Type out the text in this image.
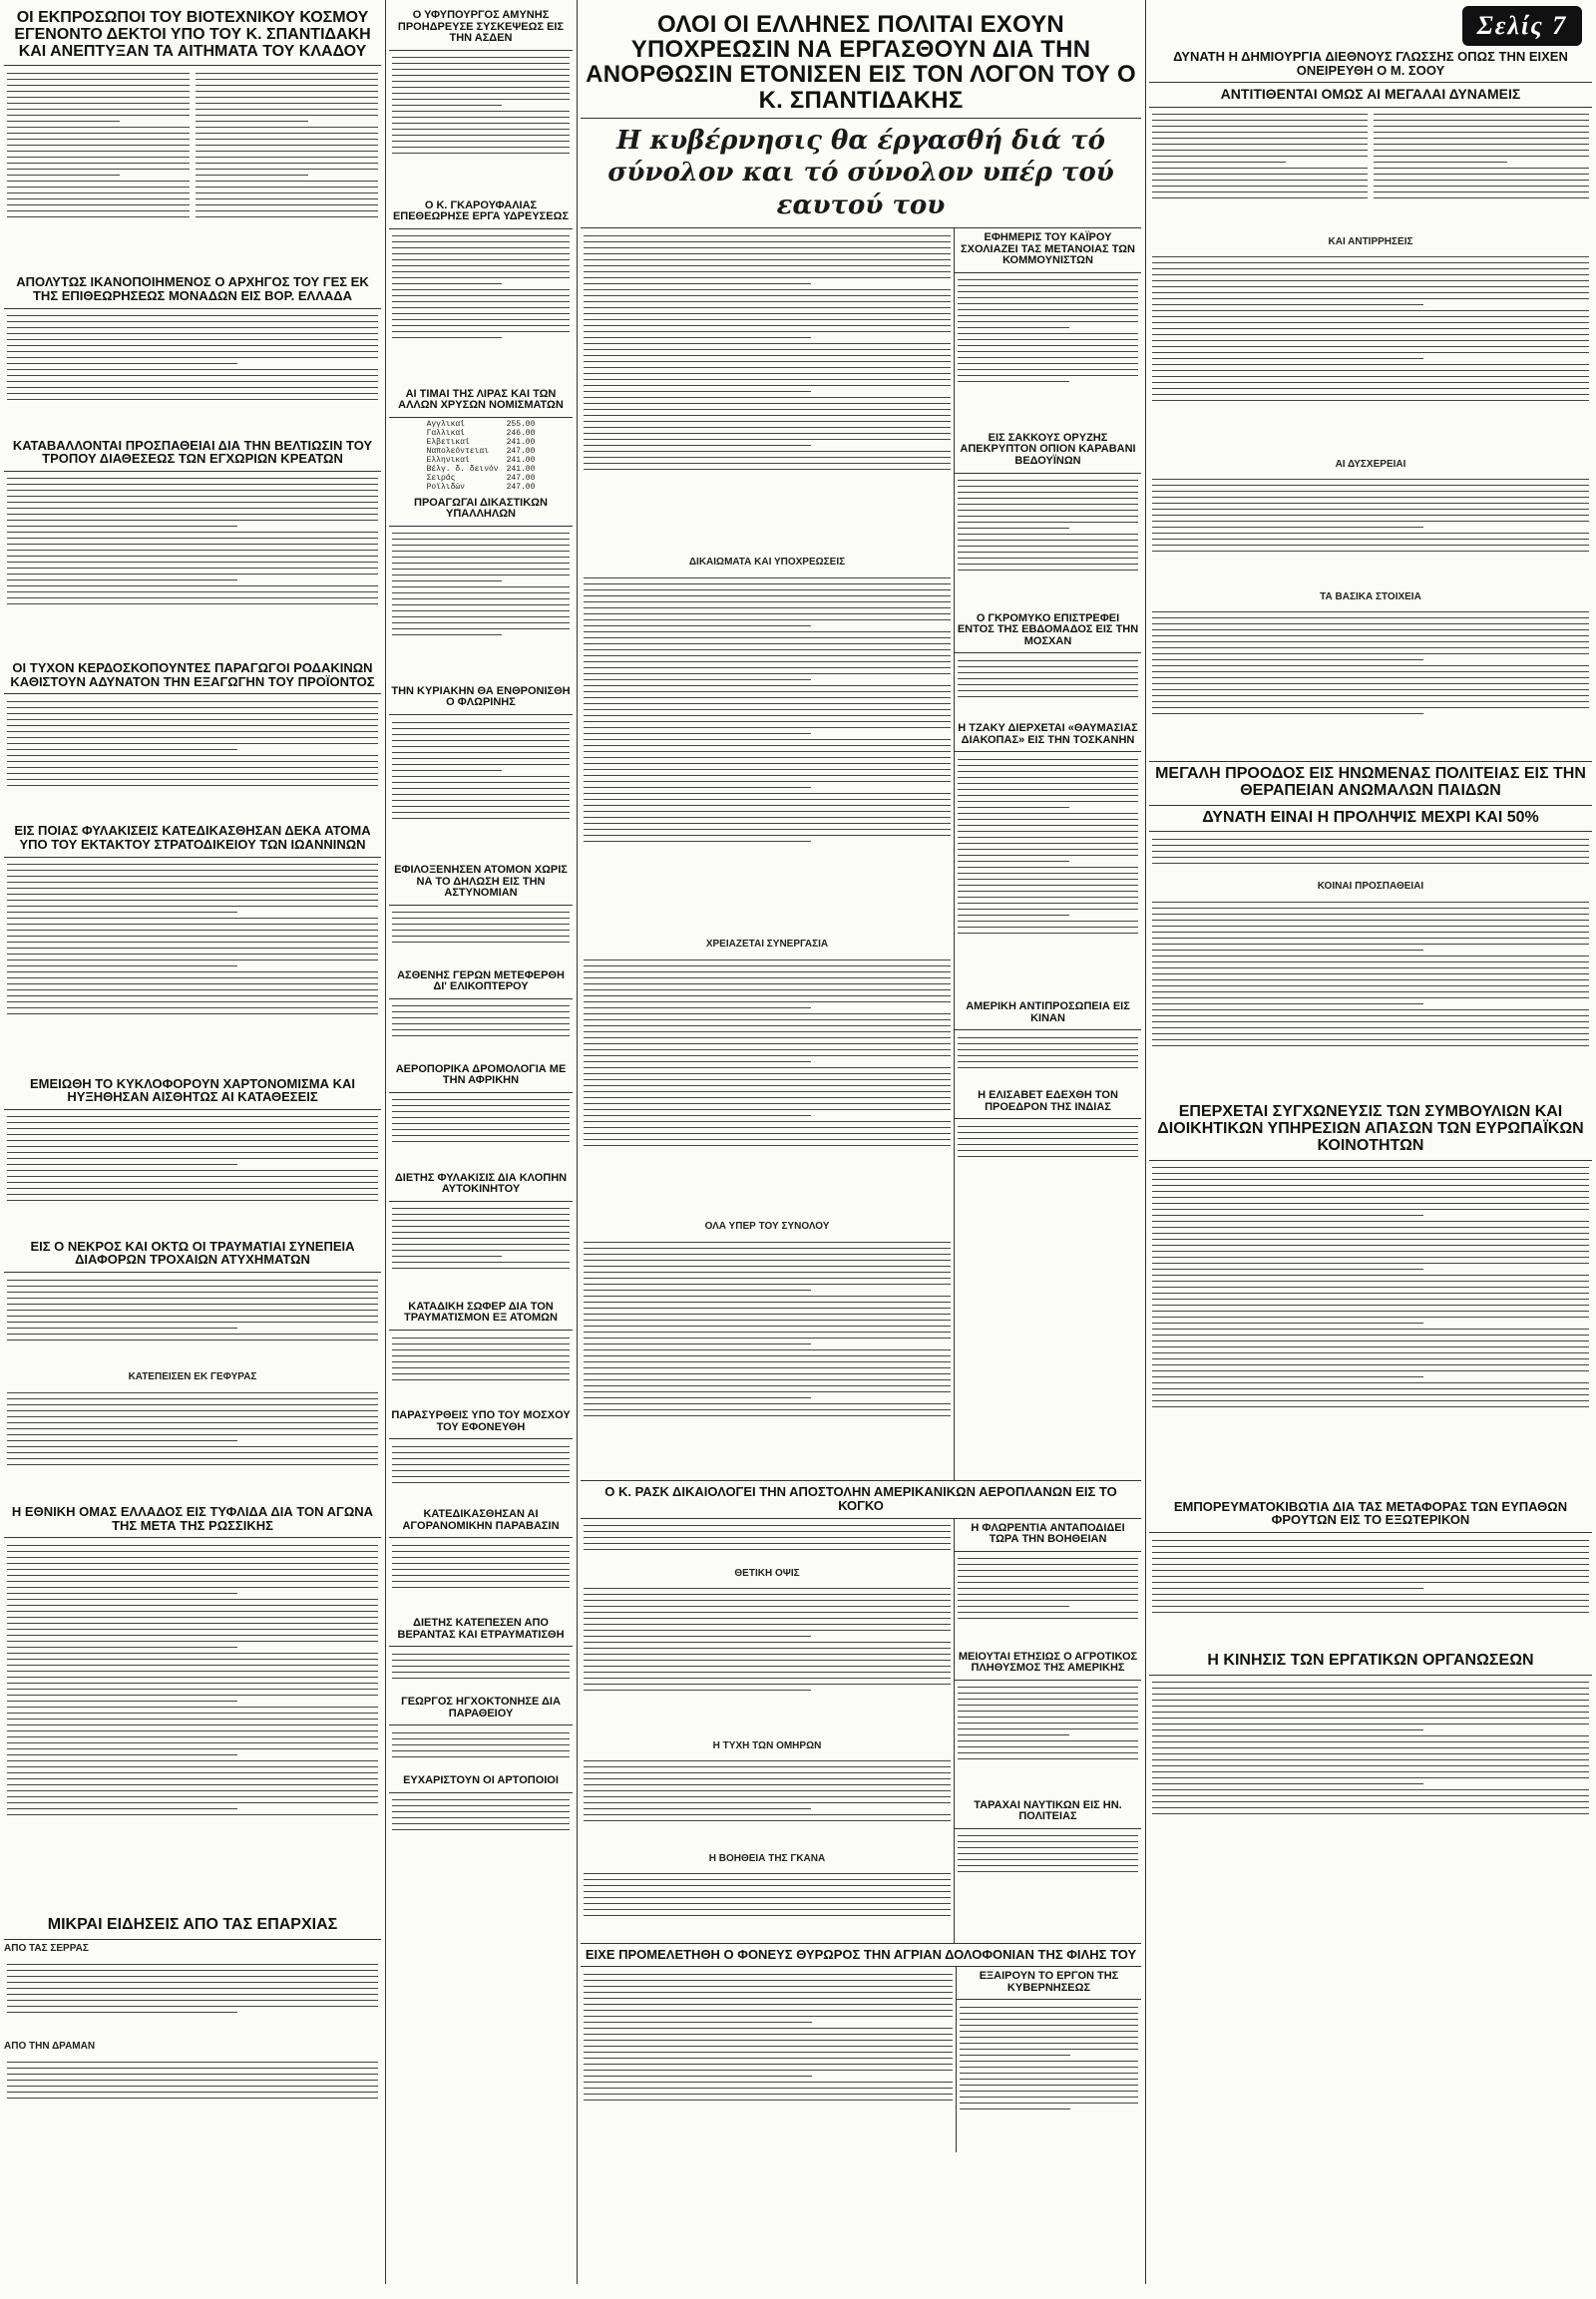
ΟΙ ΕΚΠΡΟΣΩΠΟΙ ΤΟΥ ΒΙΟΤΕΧΝΙΚΟΥ ΚΟΣΜΟΥ ΕΓΕΝΟΝΤΟ ΔΕΚΤΟΙ ΥΠΟ ΤΟΥ Κ. ΣΠΑΝΤΙΔΑΚΗ ΚΑΙ ΑΝΕΠΤΥΞΑΝ ΤΑ ΑΙΤΗΜΑΤΑ ΤΟΥ ΚΛΑΔΟΥ
ΑΠΟΛΥΤΩΣ ΙΚΑΝΟΠΟΙΗΜΕΝΟΣ Ο ΑΡΧΗΓΟΣ ΤΟΥ ΓΕΣ ΕΚ ΤΗΣ ΕΠΙΘΕΩΡΗΣΕΩΣ ΜΟΝΑΔΩΝ ΕΙΣ ΒΟΡ. ΕΛΛΑΔΑ
ΚΑΤΑΒΑΛΛΟΝΤΑΙ ΠΡΟΣΠΑΘΕΙΑΙ ΔΙΑ ΤΗΝ ΒΕΛΤΙΩΣΙΝ ΤΟΥ ΤΡΟΠΟΥ ΔΙΑΘΕΣΕΩΣ ΤΩΝ ΕΓΧΩΡΙΩΝ ΚΡΕΑΤΩΝ
ΟΙ ΤΥΧΟΝ ΚΕΡΔΟΣΚΟΠΟΥΝΤΕΣ ΠΑΡΑΓΩΓΟΙ ΡΟΔΑΚΙΝΩΝ ΚΑΘΙΣΤΟΥΝ ΑΔΥΝΑΤΟΝ ΤΗΝ ΕΞΑΓΩΓΗΝ ΤΟΥ ΠΡΟΪΟΝΤΟΣ
ΕΙΣ ΠΟΙΑΣ ΦΥΛΑΚΙΣΕΙΣ ΚΑΤΕΔΙΚΑΣΘΗΣΑΝ ΔΕΚΑ ΑΤΟΜΑ ΥΠΟ ΤΟΥ ΕΚΤΑΚΤΟΥ ΣΤΡΑΤΟΔΙΚΕΙΟΥ ΤΩΝ ΙΩΑΝΝΙΝΩΝ
ΕΜΕΙΩΘΗ ΤΟ ΚΥΚΛΟΦΟΡΟΥΝ ΧΑΡΤΟΝΟΜΙΣΜΑ ΚΑΙ ΗΥΞΗΘΗΣΑΝ ΑΙΣΘΗΤΩΣ ΑΙ ΚΑΤΑΘΕΣΕΙΣ
ΕΙΣ Ο ΝΕΚΡΟΣ ΚΑΙ ΟΚΤΩ ΟΙ ΤΡΑΥΜΑΤΙΑΙ ΣΥΝΕΠΕΙΑ ΔΙΑΦΟΡΩΝ ΤΡΟΧΑΙΩΝ ΑΤΥΧΗΜΑΤΩΝ
ΚΑΤΕΠΕΙΣΕΝ ΕΚ ΓΕΦΥΡΑΣ
Η ΕΘΝΙΚΗ ΟΜΑΣ ΕΛΛΑΔΟΣ ΕΙΣ ΤΥΦΛΙΔΑ ΔΙΑ ΤΟΝ ΑΓΩΝΑ ΤΗΣ ΜΕΤΑ ΤΗΣ ΡΩΣΣΙΚΗΣ
ΜΙΚΡΑΙ ΕΙΔΗΣΕΙΣ ΑΠΟ ΤΑΣ ΕΠΑΡΧΙΑΣ
ΑΠΟ ΤΑΣ ΣΕΡΡΑΣ
ΑΠΟ ΤΗΝ ΔΡΑΜΑΝ
Ο ΥΦΥΠΟΥΡΓΟΣ ΑΜΥΝΗΣ ΠΡΟΗΔΡΕΥΣΕ ΣΥΣΚΕΨΕΩΣ ΕΙΣ ΤΗΝ ΑΣΔΕΝ
Ο Κ. ΓΚΑΡΟΥΦΑΛΙΑΣ ΕΠΕΘΕΩΡΗΣΕ ΕΡΓΑ ΥΔΡΕΥΣΕΩΣ
ΑΙ ΤΙΜΑΙ ΤΗΣ ΛΙΡΑΣ ΚΑΙ ΤΩΝ ΑΛΛΩΝ ΧΡΥΣΩΝ ΝΟΜΙΣΜΑΤΩΝ
Αγγλικαί	255.00
Γαλλικαί	246.00
Ελβετικαί	241.00
Ναπολεόντειαι	247.00
Ελληνικαί	241.00
Βέλγ. δ. δεινόν	241.00
Σειράς	247.00
Ροϊλιδών	247.00
ΠΡΟΑΓΩΓΑΙ ΔΙΚΑΣΤΙΚΩΝ ΥΠΑΛΛΗΛΩΝ
ΤΗΝ ΚΥΡΙΑΚΗΝ ΘΑ ΕΝΘΡΟΝΙΣΘΗ Ο ΦΛΩΡΙΝΗΣ
ΕΦΙΛΟΞΕΝΗΣΕΝ ΑΤΟΜΟΝ ΧΩΡΙΣ ΝΑ ΤΟ ΔΗΛΩΣΗ ΕΙΣ ΤΗΝ ΑΣΤΥΝΟΜΙΑΝ
ΑΣΘΕΝΗΣ ΓΕΡΩΝ ΜΕΤΕΦΕΡΘΗ ΔΙ' ΕΛΙΚΟΠΤΕΡΟΥ
ΑΕΡΟΠΟΡΙΚΑ ΔΡΟΜΟΛΟΓΙΑ ΜΕ ΤΗΝ ΑΦΡΙΚΗΝ
ΔΙΕΤΗΣ ΦΥΛΑΚΙΣΙΣ ΔΙΑ ΚΛΟΠΗΝ ΑΥΤΟΚΙΝΗΤΟΥ
ΚΑΤΑΔΙΚΗ ΣΩΦΕΡ ΔΙΑ ΤΟΝ ΤΡΑΥΜΑΤΙΣΜΟΝ ΕΞ ΑΤΟΜΩΝ
ΠΑΡΑΣΥΡΘΕΙΣ ΥΠΟ ΤΟΥ ΜΟΣΧΟΥ ΤΟΥ ΕΦΟΝΕΥΘΗ
ΚΑΤΕΔΙΚΑΣΘΗΣΑΝ ΑΙ ΑΓΟΡΑΝΟΜΙΚΗΝ ΠΑΡΑΒΑΣΙΝ
ΔΙΕΤΗΣ ΚΑΤΕΠΕΣΕΝ ΑΠΟ ΒΕΡΑΝΤΑΣ ΚΑΙ ΕΤΡΑΥΜΑΤΙΣΘΗ
ΓΕΩΡΓΟΣ ΗΓΧΟΚΤΟΝΗΣΕ ΔΙΑ ΠΑΡΑΘΕΙΟΥ
ΕΥΧΑΡΙΣΤΟΥΝ ΟΙ ΑΡΤΟΠΟΙΟΙ
ΟΛΟΙ ΟΙ ΕΛΛΗΝΕΣ ΠΟΛΙΤΑΙ ΕΧΟΥΝ ΥΠΟΧΡΕΩΣΙΝ ΝΑ ΕΡΓΑΣΘΟΥΝ ΔΙΑ ΤΗΝ ΑΝΟΡΘΩΣΙΝ ΕΤΟΝΙΣΕΝ ΕΙΣ ΤΟΝ ΛΟΓΟΝ ΤΟΥ Ο Κ. ΣΠΑΝΤΙΔΑΚΗΣ
Η κυβέρνησις θα έργασθή διά τό σύνολον και τό σύνολον υπέρ τού εαυτού του
ΔΙΚΑΙΩΜΑΤΑ ΚΑΙ ΥΠΟΧΡΕΩΣΕΙΣ
ΧΡΕΙΑΖΕΤΑΙ ΣΥΝΕΡΓΑΣΙΑ
ΟΛΑ ΥΠΕΡ ΤΟΥ ΣΥΝΟΛΟΥ
ΕΦΗΜΕΡΙΣ ΤΟΥ ΚΑΪΡΟΥ ΣΧΟΛΙΑΖΕΙ ΤΑΣ ΜΕΤΑΝΟΙΑΣ ΤΩΝ ΚΟΜΜΟΥΝΙΣΤΩΝ
ΕΙΣ ΣΑΚΚΟΥΣ ΟΡΥΖΗΣ ΑΠΕΚΡΥΠΤΟΝ ΟΠΙΟΝ ΚΑΡΑΒΑΝΙ ΒΕΔΟΥΪΝΩΝ
Ο ΓΚΡΟΜΥΚΟ ΕΠΙΣΤΡΕΦΕΙ ΕΝΤΟΣ ΤΗΣ ΕΒΔΟΜΑΔΟΣ ΕΙΣ ΤΗΝ ΜΟΣΧΑΝ
Η ΤΖΑΚΥ ΔΙΕΡΧΕΤΑΙ «ΘΑΥΜΑΣΙΑΣ ΔΙΑΚΟΠΑΣ» ΕΙΣ ΤΗΝ ΤΟΣΚΑΝΗΝ
ΑΜΕΡΙΚΗ ΑΝΤΙΠΡΟΣΩΠΕΙΑ ΕΙΣ ΚΙΝΑΝ
Η ΕΛΙΣΑΒΕΤ ΕΔΕΧΘΗ ΤΟΝ ΠΡΟΕΔΡΟΝ ΤΗΣ ΙΝΔΙΑΣ
Ο Κ. ΡΑΣΚ ΔΙΚΑΙΟΛΟΓΕΙ ΤΗΝ ΑΠΟΣΤΟΛΗΝ ΑΜΕΡΙΚΑΝΙΚΩΝ ΑΕΡΟΠΛΑΝΩΝ ΕΙΣ ΤΟ ΚΟΓΚΟ
ΘΕΤΙΚΗ ΟΨΙΣ
Η ΤΥΧΗ ΤΩΝ ΟΜΗΡΩΝ
Η ΒΟΗΘΕΙΑ ΤΗΣ ΓΚΑΝΑ
Η ΦΛΩΡΕΝΤΙΑ ΑΝΤΑΠΟΔΙΔΕΙ ΤΩΡΑ ΤΗΝ ΒΟΗΘΕΙΑΝ
ΜΕΙΟΥΤΑΙ ΕΤΗΣΙΩΣ Ο ΑΓΡΟΤΙΚΟΣ ΠΛΗΘΥΣΜΟΣ ΤΗΣ ΑΜΕΡΙΚΗΣ
ΤΑΡΑΧΑΙ ΝΑΥΤΙΚΩΝ ΕΙΣ ΗΝ. ΠΟΛΙΤΕΙΑΣ
ΕΙΧΕ ΠΡΟΜΕΛΕΤΗΘΗ Ο ΦΟΝΕΥΣ ΘΥΡΩΡΟΣ ΤΗΝ ΑΓΡΙΑΝ ΔΟΛΟΦΟΝΙΑΝ ΤΗΣ ΦΙΛΗΣ ΤΟΥ
ΕΞΑΙΡΟΥΝ ΤΟ ΕΡΓΟΝ ΤΗΣ ΚΥΒΕΡΝΗΣΕΩΣ
Σελίς 7
ΔΥΝΑΤΗ Η ΔΗΜΙΟΥΡΓΙΑ ΔΙΕΘΝΟΥΣ ΓΛΩΣΣΗΣ ΟΠΩΣ ΤΗΝ ΕΙΧΕΝ ΟΝΕΙΡΕΥΘΗ Ο Μ. ΣΟΟΥ
ΑΝΤΙΤΙΘΕΝΤΑΙ ΟΜΩΣ ΑΙ ΜΕΓΑΛΑΙ ΔΥΝΑΜΕΙΣ
ΚΑΙ ΑΝΤΙΡΡΗΣΕΙΣ
ΑΙ ΔΥΣΧΕΡΕΙΑΙ
ΤΑ ΒΑΣΙΚΑ ΣΤΟΙΧΕΙΑ
ΜΕΓΑΛΗ ΠΡΟΟΔΟΣ ΕΙΣ ΗΝΩΜΕΝΑΣ ΠΟΛΙΤΕΙΑΣ ΕΙΣ ΤΗΝ ΘΕΡΑΠΕΙΑΝ ΑΝΩΜΑΛΩΝ ΠΑΙΔΩΝ
ΔΥΝΑΤΗ ΕΙΝΑΙ Η ΠΡΟΛΗΨΙΣ ΜΕΧΡΙ ΚΑΙ 50%
ΚΟΙΝΑΙ ΠΡΟΣΠΑΘΕΙΑΙ
ΕΠΕΡΧΕΤΑΙ ΣΥΓΧΩΝΕΥΣΙΣ ΤΩΝ ΣΥΜΒΟΥΛΙΩΝ ΚΑΙ ΔΙΟΙΚΗΤΙΚΩΝ ΥΠΗΡΕΣΙΩΝ ΑΠΑΣΩΝ ΤΩΝ ΕΥΡΩΠΑΪΚΩΝ ΚΟΙΝΟΤΗΤΩΝ
ΕΜΠΟΡΕΥΜΑΤΟΚΙΒΩΤΙΑ ΔΙΑ ΤΑΣ ΜΕΤΑΦΟΡΑΣ ΤΩΝ ΕΥΠΑΘΩΝ ΦΡΟΥΤΩΝ ΕΙΣ ΤΟ ΕΞΩΤΕΡΙΚΟΝ
Η ΚΙΝΗΣΙΣ ΤΩΝ ΕΡΓΑΤΙΚΩΝ ΟΡΓΑΝΩΣΕΩΝ
